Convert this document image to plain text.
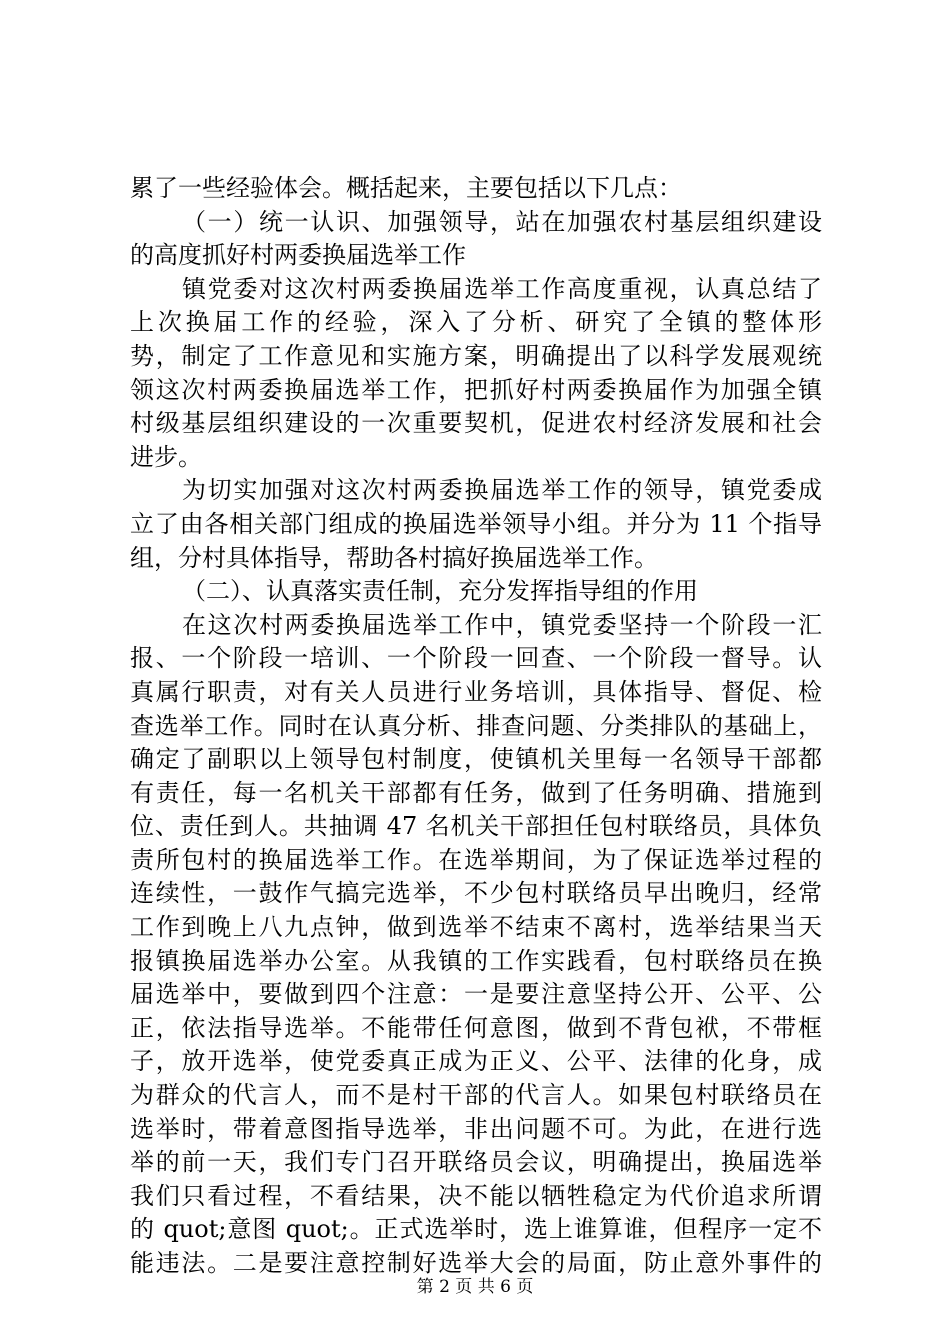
累了一些经验体会。概括起来，主要包括以下几点：
（一）统一认识、加强领导，站在加强农村基层组织建设
的高度抓好村两委换届选举工作
镇党委对这次村两委换届选举工作高度重视，认真总结了
上次换届工作的经验，深入了分析、研究了全镇的整体形
势，制定了工作意见和实施方案，明确提出了以科学发展观统
领这次村两委换届选举工作，把抓好村两委换届作为加强全镇
村级基层组织建设的一次重要契机，促进农村经济发展和社会
进步。
为切实加强对这次村两委换届选举工作的领导，镇党委成
立了由各相关部门组成的换届选举领导小组。并分为 11 个指导
组，分村具体指导，帮助各村搞好换届选举工作。
（二）、认真落实责任制，充分发挥指导组的作用
在这次村两委换届选举工作中，镇党委坚持一个阶段一汇
报、一个阶段一培训、一个阶段一回查、一个阶段一督导。认
真属行职责，对有关人员进行业务培训，具体指导、督促、检
查选举工作。同时在认真分析、排查问题、分类排队的基础上，
确定了副职以上领导包村制度，使镇机关里每一名领导干部都
有责任，每一名机关干部都有任务，做到了任务明确、措施到
位、责任到人。共抽调 47 名机关干部担任包村联络员，具体负
责所包村的换届选举工作。在选举期间，为了保证选举过程的
连续性，一鼓作气搞完选举，不少包村联络员早出晚归，经常
工作到晚上八九点钟，做到选举不结束不离村，选举结果当天
报镇换届选举办公室。从我镇的工作实践看，包村联络员在换
届选举中，要做到四个注意：一是要注意坚持公开、公平、公
正，依法指导选举。不能带任何意图，做到不背包袱，不带框
子，放开选举，使党委真正成为正义、公平、法律的化身，成
为群众的代言人，而不是村干部的代言人。如果包村联络员在
选举时，带着意图指导选举，非出问题不可。为此，在进行选
举的前一天，我们专门召开联络员会议，明确提出，换届选举
我们只看过程，不看结果，决不能以牺牲稳定为代价追求所谓
的 quot;意图 quot;。正式选举时，选上谁算谁，但程序一定不
能违法。二是要注意控制好选举大会的局面，防止意外事件的
第 2 页 共 6 页
